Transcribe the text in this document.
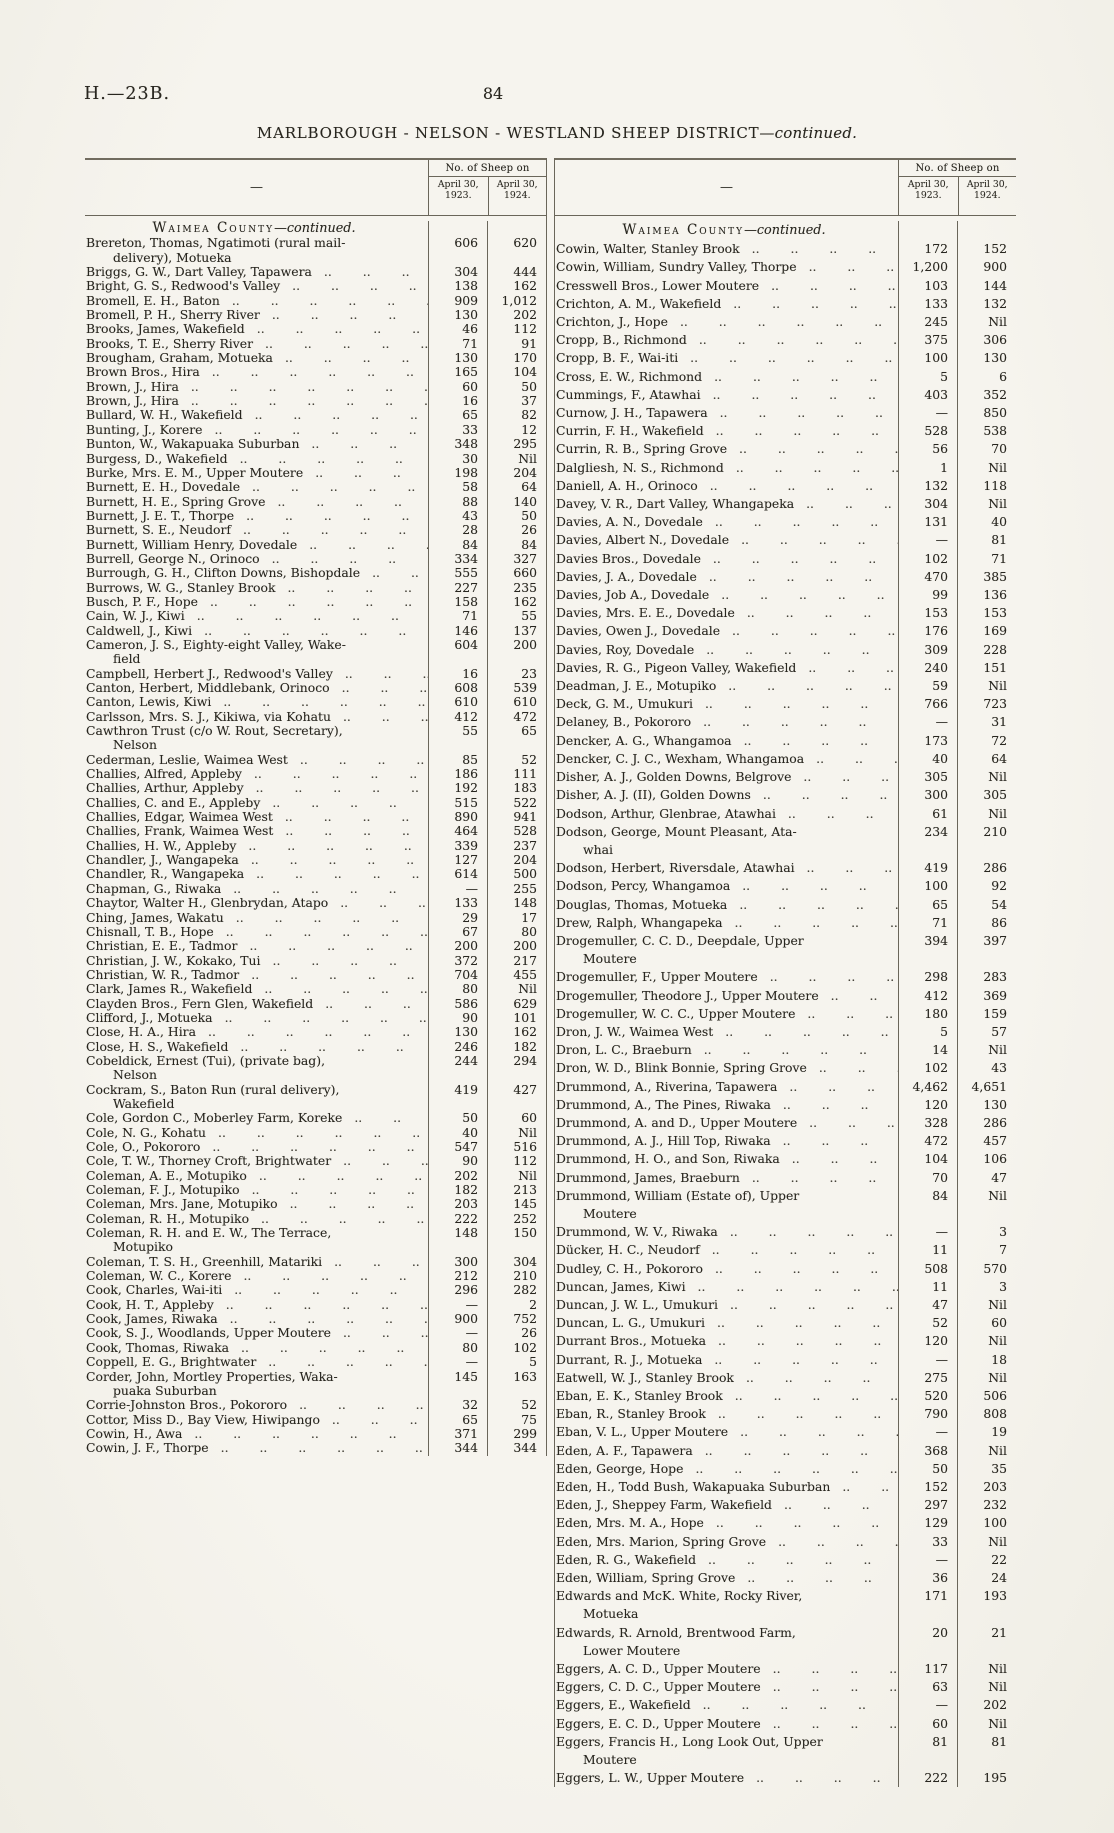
H.—23B.	84
MARLBOROUGH - NELSON - WESTLAND SHEEP DISTRICT—continued.
—
No. of Sheep on
April 30, 1923.
April 30, 1924.
Waimea County—continued.
Brereton, Thomas, Ngatimoti (rural mail-
delivery), Motueka
606	620
Briggs, G. W., Dart Valley, Tapawera ..   	304	444
Bright, G. S., Redwood's Valley ..   	138	162
Bromell, E. H., Baton ..   	909	1,012
Bromell, P. H., Sherry River ..   	130	202
Brooks, James, Wakefield ..   	46	112
Brooks, T. E., Sherry River ..   	71	91
Brougham, Graham, Motueka ..   	130	170
Brown Bros., Hira ..   	165	104
Brown, J., Hira ..   	60	50
Brown, J., Hira ..   	16	37
Bullard, W. H., Wakefield ..   	65	82
Bunting, J., Korere ..   	33	12
Bunton, W., Wakapuaka Suburban ..   	348	295
Burgess, D., Wakefield ..   	30	Nil
Burke, Mrs. E. M., Upper Moutere ..   	198	204
Burnett, E. H., Dovedale ..   	58	64
Burnett, H. E., Spring Grove ..   	88	140
Burnett, J. E. T., Thorpe ..   	43	50
Burnett, S. E., Neudorf ..   	28	26
Burnett, William Henry, Dovedale ..   	84	84
Burrell, George N., Orinoco ..   	334	327
Burrough, G. H., Clifton Downs, Bishopdale ..   	555	660
Burrows, W. G., Stanley Brook ..   	227	235
Busch, P. F., Hope ..   	158	162
Cain, W. J., Kiwi ..   	71	55
Caldwell, J., Kiwi ..   	146	137
Cameron, J. S., Eighty-eight Valley, Wake-
field
604	200
Campbell, Herbert J., Redwood's Valley ..   	16	23
Canton, Herbert, Middlebank, Orinoco ..   	608	539
Canton, Lewis, Kiwi ..   	610	610
Carlsson, Mrs. S. J., Kikiwa, via Kohatu ..   	412	472
Cawthron Trust (c/o W. Rout, Secretary),
Nelson
55	65
Cederman, Leslie, Waimea West ..   	85	52
Challies, Alfred, Appleby ..   	186	111
Challies, Arthur, Appleby ..   	192	183
Challies, C. and E., Appleby ..   	515	522
Challies, Edgar, Waimea West ..   	890	941
Challies, Frank, Waimea West ..   	464	528
Challies, H. W., Appleby ..   	339	237
Chandler, J., Wangapeka ..   	127	204
Chandler, R., Wangapeka ..   	614	500
Chapman, G., Riwaka ..   	—	255
Chaytor, Walter H., Glenbrydan, Atapo ..   	133	148
Ching, James, Wakatu ..   	29	17
Chisnall, T. B., Hope ..   	67	80
Christian, E. E., Tadmor ..   	200	200
Christian, J. W., Kokako, Tui ..   	372	217
Christian, W. R., Tadmor ..   	704	455
Clark, James R., Wakefield ..   	80	Nil
Clayden Bros., Fern Glen, Wakefield ..   	586	629
Clifford, J., Motueka ..   	90	101
Close, H. A., Hira ..   	130	162
Close, H. S., Wakefield ..   	246	182
Cobeldick, Ernest (Tui), (private bag),
Nelson
244	294
Cockram, S., Baton Run (rural delivery),
Wakefield
419	427
Cole, Gordon C., Moberley Farm, Koreke ..   	50	60
Cole, N. G., Kohatu ..   	40	Nil
Cole, O., Pokororo ..   	547	516
Cole, T. W., Thorney Croft, Brightwater ..   	90	112
Coleman, A. E., Motupiko ..   	202	Nil
Coleman, F. J., Motupiko ..   	182	213
Coleman, Mrs. Jane, Motupiko ..   	203	145
Coleman, R. H., Motupiko ..   	222	252
Coleman, R. H. and E. W., The Terrace,
Motupiko
148	150
Coleman, T. S. H., Greenhill, Matariki ..   	300	304
Coleman, W. C., Korere ..   	212	210
Cook, Charles, Wai-iti ..   	296	282
Cook, H. T., Appleby ..   	—	2
Cook, James, Riwaka ..   	900	752
Cook, S. J., Woodlands, Upper Moutere ..   	—	26
Cook, Thomas, Riwaka ..   	80	102
Coppell, E. G., Brightwater ..   	—	5
Corder, John, Mortley Properties, Waka-
puaka Suburban
145	163
Corrie-Johnston Bros., Pokororo ..   	32	52
Cottor, Miss D., Bay View, Hiwipango ..   	65	75
Cowin, H., Awa ..   	371	299
Cowin, J. F., Thorpe ..   	344	344
—
No. of Sheep on
April 30, 1923.
April 30, 1924.
Waimea County—continued.
Cowin, Walter, Stanley Brook ..   	172	152
Cowin, William, Sundry Valley, Thorpe ..   	1,200	900
Cresswell Bros., Lower Moutere ..   	103	144
Crichton, A. M., Wakefield ..   	133	132
Crichton, J., Hope ..   	245	Nil
Cropp, B., Richmond ..   	375	306
Cropp, B. F., Wai-iti ..   	100	130
Cross, E. W., Richmond ..   	5	6
Cummings, F., Atawhai ..   	403	352
Curnow, J. H., Tapawera ..   	—	850
Currin, F. H., Wakefield ..   	528	538
Currin, R. B., Spring Grove ..   	56	70
Dalgliesh, N. S., Richmond ..   	1	Nil
Daniell, A. H., Orinoco ..   	132	118
Davey, V. R., Dart Valley, Whangapeka ..   	304	Nil
Davies, A. N., Dovedale ..   	131	40
Davies, Albert N., Dovedale ..   	—	81
Davies Bros., Dovedale ..   	102	71
Davies, J. A., Dovedale ..   	470	385
Davies, Job A., Dovedale ..   	99	136
Davies, Mrs. E. E., Dovedale ..   	153	153
Davies, Owen J., Dovedale ..   	176	169
Davies, Roy, Dovedale ..   	309	228
Davies, R. G., Pigeon Valley, Wakefield ..   	240	151
Deadman, J. E., Motupiko ..   	59	Nil
Deck, G. M., Umukuri ..   	766	723
Delaney, B., Pokororo ..   	—	31
Dencker, A. G., Whangamoa ..   	173	72
Dencker, C. J. C., Wexham, Whangamoa ..   	40	64
Disher, A. J., Golden Downs, Belgrove ..   	305	Nil
Disher, A. J. (II), Golden Downs ..   	300	305
Dodson, Arthur, Glenbrae, Atawhai ..   	61	Nil
Dodson, George, Mount Pleasant, Ata-
whai
234	210
Dodson, Herbert, Riversdale, Atawhai ..   	419	286
Dodson, Percy, Whangamoa ..   	100	92
Douglas, Thomas, Motueka ..   	65	54
Drew, Ralph, Whangapeka ..   	71	86
Drogemuller, C. C. D., Deepdale, Upper
Moutere
394	397
Drogemuller, F., Upper Moutere ..   	298	283
Drogemuller, Theodore J., Upper Moutere ..   	412	369
Drogemuller, W. C. C., Upper Moutere ..   	180	159
Dron, J. W., Waimea West ..   	5	57
Dron, L. C., Braeburn ..   	14	Nil
Dron, W. D., Blink Bonnie, Spring Grove ..   	102	43
Drummond, A., Riverina, Tapawera ..   	4,462	4,651
Drummond, A., The Pines, Riwaka ..   	120	130
Drummond, A. and D., Upper Moutere ..   	328	286
Drummond, A. J., Hill Top, Riwaka ..   	472	457
Drummond, H. O., and Son, Riwaka ..   	104	106
Drummond, James, Braeburn ..   	70	47
Drummond, William (Estate of), Upper
Moutere
84	Nil
Drummond, W. V., Riwaka ..   	—	3
Dücker, H. C., Neudorf ..   	11	7
Dudley, C. H., Pokororo ..   	508	570
Duncan, James, Kiwi ..   	11	3
Duncan, J. W. L., Umukuri ..   	47	Nil
Duncan, L. G., Umukuri ..   	52	60
Durrant Bros., Motueka ..   	120	Nil
Durrant, R. J., Motueka ..   	—	18
Eatwell, W. J., Stanley Brook ..   	275	Nil
Eban, E. K., Stanley Brook ..   	520	506
Eban, R., Stanley Brook ..   	790	808
Eban, V. L., Upper Moutere ..   	—	19
Eden, A. F., Tapawera ..   	368	Nil
Eden, George, Hope ..   	50	35
Eden, H., Todd Bush, Wakapuaka Suburban ..   	152	203
Eden, J., Sheppey Farm, Wakefield ..   	297	232
Eden, Mrs. M. A., Hope ..   	129	100
Eden, Mrs. Marion, Spring Grove ..   	33	Nil
Eden, R. G., Wakefield ..   	—	22
Eden, William, Spring Grove ..   	36	24
Edwards and McK. White, Rocky River,
Motueka
171	193
Edwards, R. Arnold, Brentwood Farm,
Lower Moutere
20	21
Eggers, A. C. D., Upper Moutere ..   	117	Nil
Eggers, C. D. C., Upper Moutere ..   	63	Nil
Eggers, E., Wakefield ..   	—	202
Eggers, E. C. D., Upper Moutere ..   	60	Nil
Eggers, Francis H., Long Look Out, Upper
Moutere
81	81
Eggers, L. W., Upper Moutere ..   	222	195
